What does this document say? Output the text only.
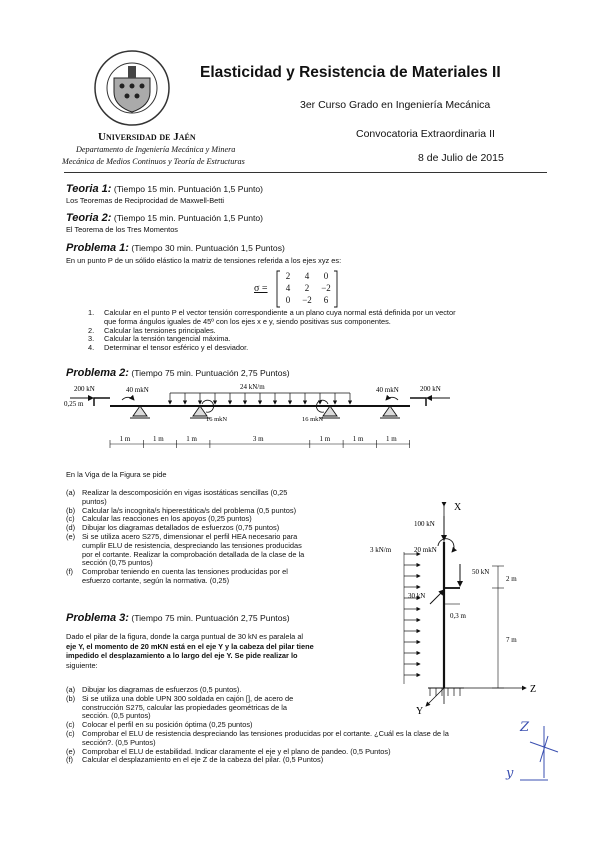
Elasticidad y Resistencia de Materiales II
3er Curso Grado en Ingeniería Mecánica
Convocatoria Extraordinaria II
8 de Julio de 2015
Universidad de Jaén
Departamento de Ingeniería Mecánica y Minera
Mecánica de Medios Continuos y Teoría de Estructuras
Teoria 1: (Tiempo 15 min. Puntuación 1,5 Punto)
Los Teoremas de Reciprocidad de Maxwell-Betti
Teoria 2: (Tiempo 15 min. Puntuación 1,5 Punto)
El Teorema de los Tres Momentos
Problema 1: (Tiempo 30 min. Puntuación 1,5 Puntos)
En un punto P de un sólido elástico la matriz de tensiones referida a los ejes xyz es:
σ =
2	4	0
4	2	−2
0	−2	6
1. Calcular en el punto P el vector tensión correspondiente a un plano cuya normal está definida por un vector
que forma ángulos iguales de 45º con los ejes x e y, siendo positivas sus componentes.
2. Calcular las tensiones principales.
3. Calcular la tensión tangencial máxima.
4. Determinar el tensor esférico y el desviador.
Problema 2: (Tiempo 75 min. Puntuación 2,75 Puntos)
200 kN	200 kN
0,25 m
40 mkN	40 mkN
24 kN/m
16 mkN	16 mkN
1 m	1 m	1 m	3 m	1 m	1 m	1 m
En la Viga de la Figura se pide
(a) Realizar la descomposición en vigas isostáticas sencillas (0,25
puntos)
(b) Calcular la/s incognita/s hiperestática/s del problema (0,5 puntos)
(c) Calcular las reacciones en los apoyos (0,25 puntos)
(d) Dibujar los diagramas detallados de esfuerzos (0,75 puntos)
(e) Si se utiliza acero S275, dimensionar el perfil HEA necesario para
cumplir ELU de resistencia, despreciando las tensiones producidas
por el cortante. Realizar la comprobación detallada de la clase de la
sección (0,75 puntos)
(f) Comprobar teniendo en cuenta las tensiones producidas por el
esfuerzo cortante, según la normativa. (0,25)
Problema 3: (Tiempo 75 min. Puntuación 2,75 Puntos)
Dado el pilar de la figura, donde la carga puntual de 30 kN es paralela al
eje Y, el momento de 20 mKN está en el eje Y y la cabeza del pilar tiene
impedido el desplazamiento a lo largo del eje Y. Se pide realizar lo
siguiente:
(a) Dibujar los diagramas de esfuerzos (0,5 puntos).
(b) Si se utiliza una doble UPN 300 soldada en cajón [], de acero de
construcción S275, calcular las propiedades geométricas de la
sección. (0,5 puntos)
(c) Colocar el perfil en su posición óptima (0,25 puntos)
(c) Comprobar el ELU de resistencia despreciando las tensiones producidas por el cortante. ¿Cuál es la clase de la
sección?. (0,5 Puntos)
(e) Comprobar el ELU de estabilidad. Indicar claramente el eje y el plano de pandeo. (0,5 Puntos)
(f) Calcular el desplazamiento en el eje Z de la cabeza del pilar. (0,5 Puntos)
X
Z
Y
3 kN/m
100 kN
20 mkN
50 kN
30 kN
0,3 m
2 m
7 m
Z
y
